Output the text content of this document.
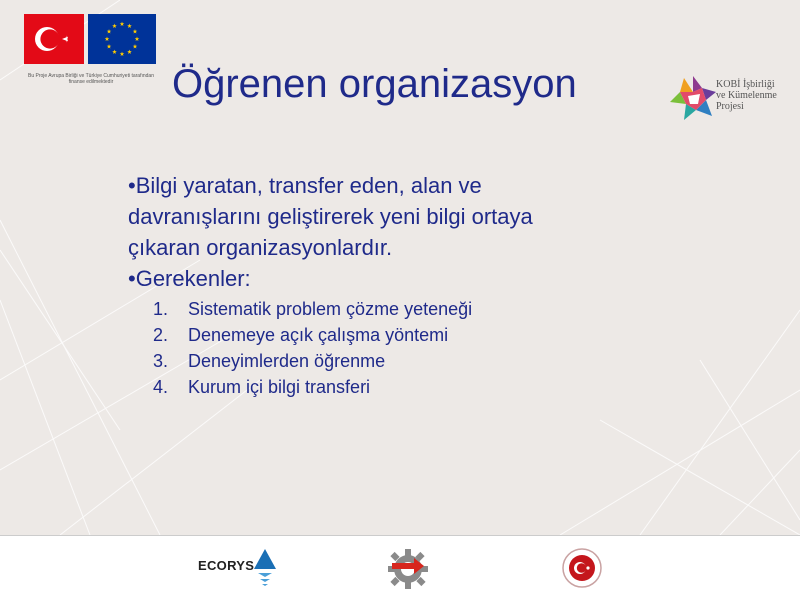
Bu Proje Avrupa Birliği ve Türkiye Cumhuriyeti tarafından finanse edilmektedir	Öğrenen organizasyon	KOBİ İşbirliği
ve Kümelenme
Projesi
•Bilgi yaratan, transfer eden, alan ve davranışlarını geliştirerek yeni bilgi ortaya çıkaran organizasyonlardır.
•Gerekenler:
1.	Sistematik problem çözme yeteneği
2.	Denemeye açık çalışma yöntemi
3.	Deneyimlerden öğrenme
4.	Kurum içi bilgi transferi
ECORYS
